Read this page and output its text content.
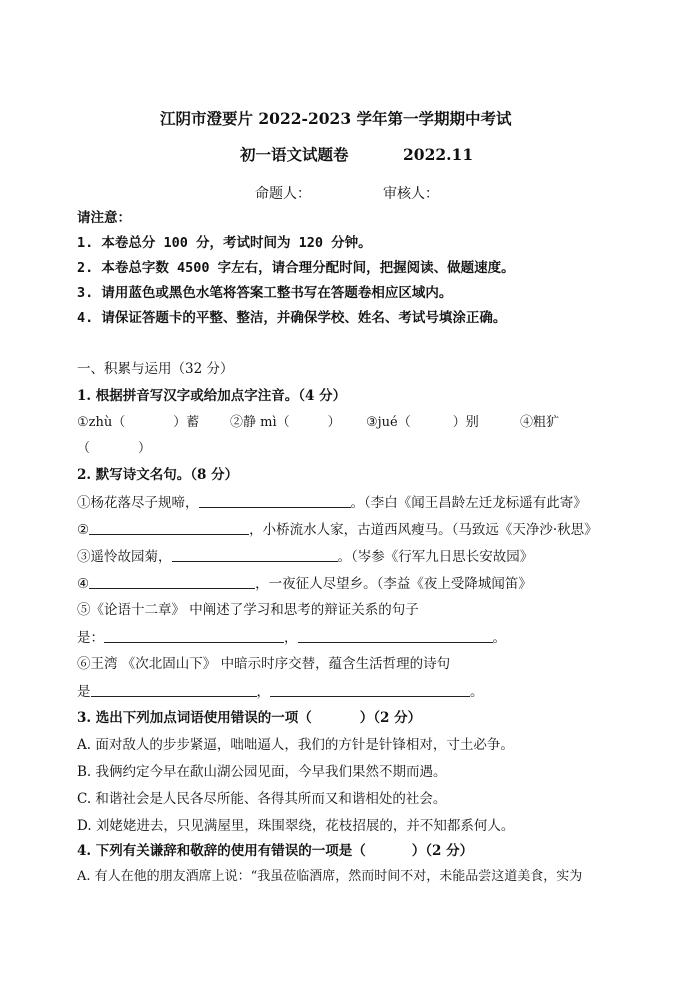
江阴市澄要片 2022-2023 学年第一学期期中考试
初一语文试题卷	2022.11
命题人：	审核人：
请注意：
1. 本卷总分 100 分，考试时间为 120 分钟。
2. 本卷总字数 4500 字左右，请合理分配时间，把握阅读、做题速度。
3. 请用蓝色或黑色水笔将答案工整书写在答题卷相应区域内。
4. 请保证答题卡的平整、整洁，并确保学校、姓名、考试号填涂正确。
一、积累与运用（32 分）
1. 根据拼音写汉字或给加点字注音。（4 分）
①zhù（	）蓄 ②静 mì（	） ③jué（	）别	④粗犷
（	）
2. 默写诗文名句。（8 分）
①杨花落尽子规啼，	。（李白《闻王昌龄左迁龙标遥有此寄》
②	，小桥流水人家，古道西风瘦马。（马致远《天净沙·秋思》
③遥怜故园菊，	。（岑参《行军九日思长安故园》
④	，一夜征人尽望乡。（李益《夜上受降城闻笛》
⑤《论语十二章》 中阐述了学习和思考的辩证关系的句子
是：	，	。
⑥王湾 《次北固山下》 中暗示时序交替，蕴含生活哲理的诗句
是	，	。
3. 选出下列加点词语使用错误的一项（	）（2 分）
A. 面对敌人的步步紧逼，咄咄逼人，我们的方针是针锋相对，寸土必争。
B. 我俩约定今早在歃山湖公园见面，今早我们果然不期而遇。
C. 和谐社会是人民各尽所能、各得其所而又和谐相处的社会。
D. 刘姥姥进去，只见满屋里，珠围翠绕，花枝招展的，并不知都系何人。
4. 下列有关谦辞和敬辞的使用有错误的一项是（	）（2 分）
A. 有人在他的朋友酒席上说：“我虽莅临酒席，然而时间不对，未能品尝这道美食，实为
